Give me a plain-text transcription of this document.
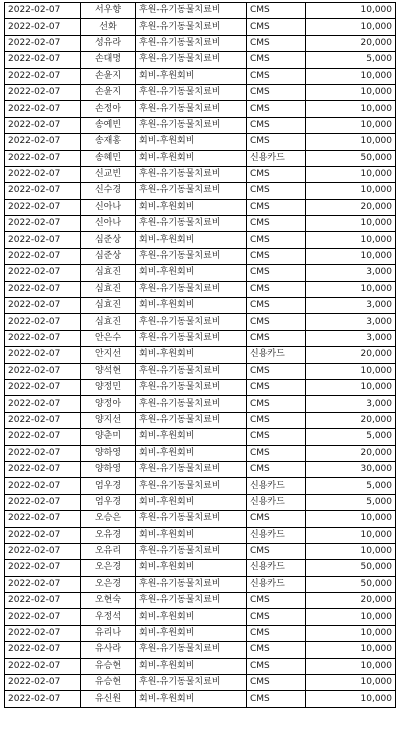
2022-02-07	서우향	후원-유기동물치료비	CMS	10,000
2022-02-07	선화	후원-유기동물치료비	CMS	10,000
2022-02-07	성유라	후원-유기동물치료비	CMS	20,000
2022-02-07	손대명	후원-유기동물치료비	CMS	5,000
2022-02-07	손윤지	회비-후원회비	CMS	10,000
2022-02-07	손윤지	후원-유기동물치료비	CMS	10,000
2022-02-07	손정아	후원-유기동물치료비	CMS	10,000
2022-02-07	송예빈	후원-유기동물치료비	CMS	10,000
2022-02-07	송재홍	회비-후원회비	CMS	10,000
2022-02-07	송혜민	회비-후원회비	신용카드	50,000
2022-02-07	신교빈	후원-유기동물치료비	CMS	10,000
2022-02-07	신수경	후원-유기동물치료비	CMS	10,000
2022-02-07	신아나	회비-후원회비	CMS	20,000
2022-02-07	신아나	후원-유기동물치료비	CMS	10,000
2022-02-07	심준상	회비-후원회비	CMS	10,000
2022-02-07	심준상	후원-유기동물치료비	CMS	10,000
2022-02-07	심효진	회비-후원회비	CMS	3,000
2022-02-07	심효진	후원-유기동물치료비	CMS	10,000
2022-02-07	심효진	회비-후원회비	CMS	3,000
2022-02-07	심효진	후원-유기동물치료비	CMS	3,000
2022-02-07	안은수	후원-유기동물치료비	CMS	3,000
2022-02-07	안지선	회비-후원회비	신용카드	20,000
2022-02-07	양석현	후원-유기동물치료비	CMS	10,000
2022-02-07	양정민	후원-유기동물치료비	CMS	10,000
2022-02-07	양정아	후원-유기동물치료비	CMS	3,000
2022-02-07	양지선	후원-유기동물치료비	CMS	20,000
2022-02-07	양춘미	회비-후원회비	CMS	5,000
2022-02-07	양하영	회비-후원회비	CMS	20,000
2022-02-07	양하영	후원-유기동물치료비	CMS	30,000
2022-02-07	엄우경	후원-유기동물치료비	신용카드	5,000
2022-02-07	엄우경	회비-후원회비	신용카드	5,000
2022-02-07	오승은	후원-유기동물치료비	CMS	10,000
2022-02-07	오유경	회비-후원회비	신용카드	10,000
2022-02-07	오유리	후원-유기동물치료비	CMS	10,000
2022-02-07	오은경	회비-후원회비	신용카드	50,000
2022-02-07	오은경	후원-유기동물치료비	신용카드	50,000
2022-02-07	오현숙	후원-유기동물치료비	CMS	20,000
2022-02-07	우정석	회비-후원회비	CMS	10,000
2022-02-07	유리나	회비-후원회비	CMS	10,000
2022-02-07	유사라	후원-유기동물치료비	CMS	10,000
2022-02-07	유승현	회비-후원회비	CMS	10,000
2022-02-07	유승현	후원-유기동물치료비	CMS	10,000
2022-02-07	유신원	회비-후원회비	CMS	10,000
